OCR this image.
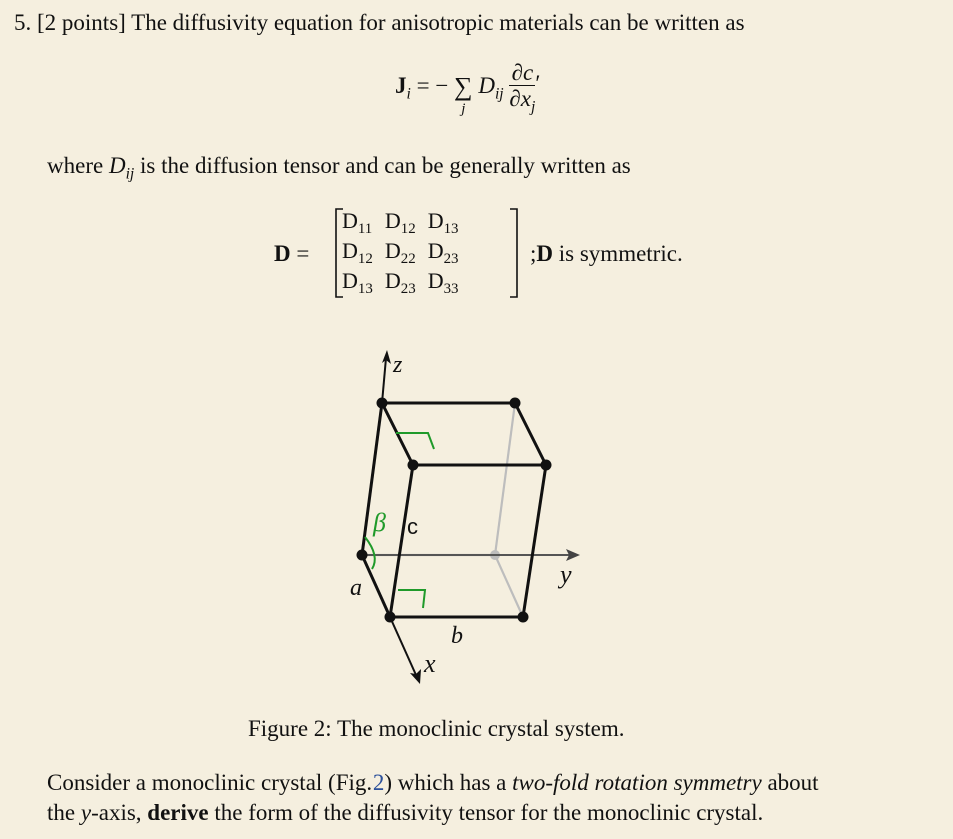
5. [2 points] The diffusivity equation for anisotropic materials can be written as
$J_i$ = − ∑
j
$D_{ij} \frac{\partial c}{\partial x_j}$ ′
where $D_{ij}$ is the diffusion tensor and can be generally written as
D =
$D_{11}$	$D_{12}$	$D_{13}$
$D_{12}$	$D_{22}$	$D_{23}$
$D_{13}$	$D_{23}$	$D_{33}$
;D is symmetric.
z
y
x
a
b
c
β
Figure 2: The monoclinic crystal system.
Consider a monoclinic crystal (Fig. 2) which has a two-fold rotation symmetry about
the y-axis, derive the form of the diffusivity tensor for the monoclinic crystal.
